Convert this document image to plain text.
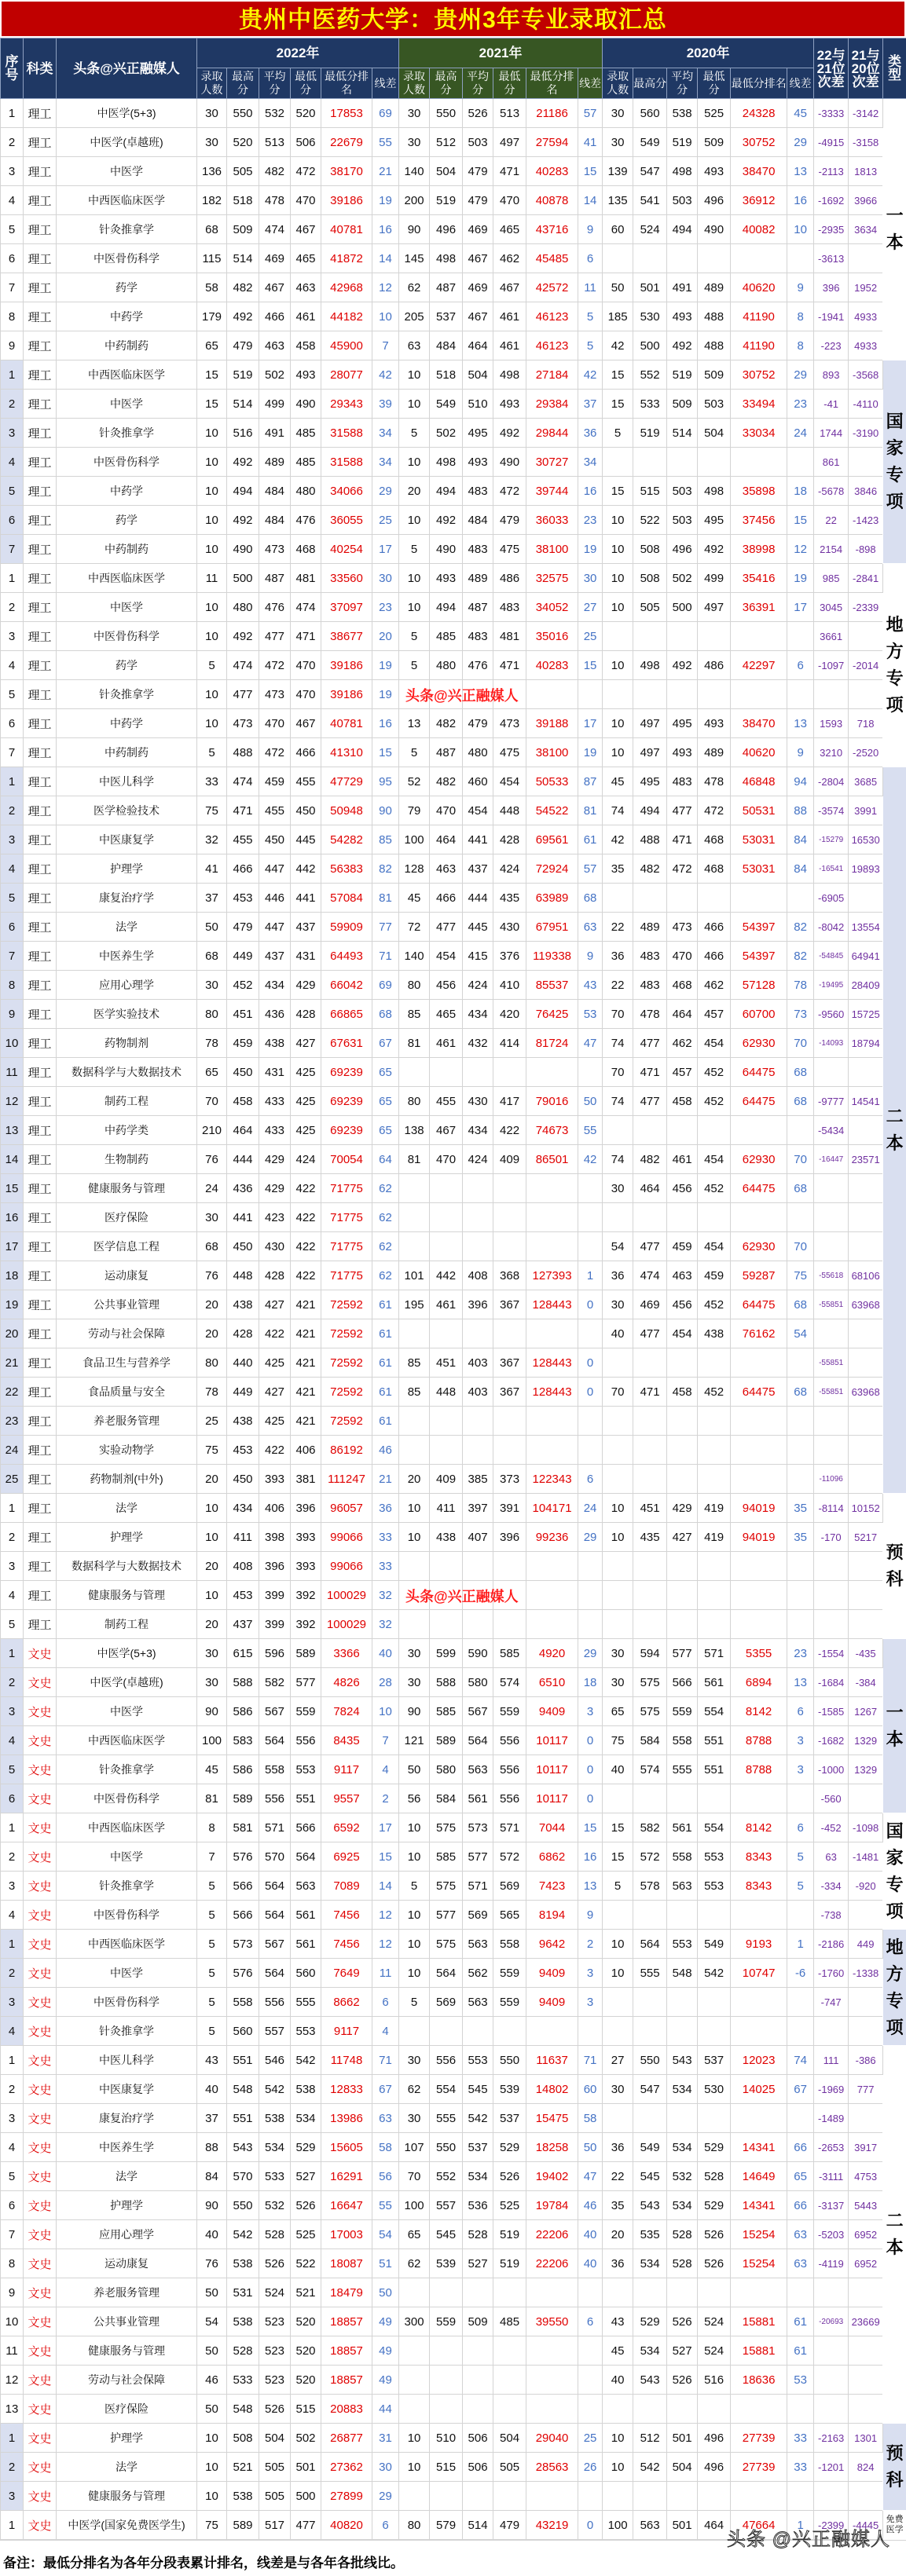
贵州中医药大学：贵州3年专业录取汇总
序号	科类	头条@兴正融媒人	2022年						2021年						2020年						22与21位次差	21与20位次差	类型
			录取人数	最高分	平均分	最低分	最低分排名	线差	录取人数	最高分	平均分	最低分	最低分排名	线差	录取人数	最高分	平均分	最低分	最低分排名	线差			
1	理工	中医学(5+3)	30	550	532	520	17853	69	30	550	526	513	21186	57	30	560	538	525	24328	45	-3333	-3142	一本
2	理工	中医学(卓越班)	30	520	513	506	22679	55	30	512	503	497	27594	41	30	549	519	509	30752	29	-4915	-3158	
3	理工	中医学	136	505	482	472	38170	21	140	504	479	471	40283	15	139	547	498	493	38470	13	-2113	1813	
4	理工	中西医临床医学	182	518	478	470	39186	19	200	519	479	470	40878	14	135	541	503	496	36912	16	-1692	3966	
5	理工	针灸推拿学	68	509	474	467	40781	16	90	496	469	465	43716	9	60	524	494	490	40082	10	-2935	3634	
6	理工	中医骨伤科学	115	514	469	465	41872	14	145	498	467	462	45485	6							-3613		
7	理工	药学	58	482	467	463	42968	12	62	487	469	467	42572	11	50	501	491	489	40620	9	396	1952	
8	理工	中药学	179	492	466	461	44182	10	205	537	467	461	46123	5	185	530	493	488	41190	8	-1941	4933	
9	理工	中药制药	65	479	463	458	45900	7	63	484	464	461	46123	5	42	500	492	488	41190	8	-223	4933	
1	理工	中西医临床医学	15	519	502	493	28077	42	10	518	504	498	27184	42	15	552	519	509	30752	29	893	-3568	国家专项
2	理工	中医学	15	514	499	490	29343	39	10	549	510	493	29384	37	15	533	509	503	33494	23	-41	-4110	
3	理工	针灸推拿学	10	516	491	485	31588	34	5	502	495	492	29844	36	5	519	514	504	33034	24	1744	-3190	
4	理工	中医骨伤科学	10	492	489	485	31588	34	10	498	493	490	30727	34							861		
5	理工	中药学	10	494	484	480	34066	29	20	494	483	472	39744	16	15	515	503	498	35898	18	-5678	3846	
6	理工	药学	10	492	484	476	36055	25	10	492	484	479	36033	23	10	522	503	495	37456	15	22	-1423	
7	理工	中药制药	10	490	473	468	40254	17	5	490	483	475	38100	19	10	508	496	492	38998	12	2154	-898	
1	理工	中西医临床医学	11	500	487	481	33560	30	10	493	489	486	32575	30	10	508	502	499	35416	19	985	-2841	地方专项
2	理工	中医学	10	480	476	474	37097	23	10	494	487	483	34052	27	10	505	500	497	36391	17	3045	-2339	
3	理工	中医骨伤科学	10	492	477	471	38677	20	5	485	483	481	35016	25							3661		
4	理工	药学	5	474	472	470	39186	19	5	480	476	471	40283	15	10	498	492	486	42297	6	-1097	-2014	
5	理工	针灸推拿学	10	477	473	470	39186	19	头条@兴正融媒人														

6	理工	中药学	10	473	470	467	40781	16	13	482	479	473	39188	17	10	497	495	493	38470	13	1593	718	
7	理工	中药制药	5	488	472	466	41310	15	5	487	480	475	38100	19	10	497	493	489	40620	9	3210	-2520	
1	理工	中医儿科学	33	474	459	455	47729	95	52	482	460	454	50533	87	45	495	483	478	46848	94	-2804	3685	二本
2	理工	医学检验技术	75	471	455	450	50948	90	79	470	454	448	54522	81	74	494	477	472	50531	88	-3574	3991	
3	理工	中医康复学	32	455	450	445	54282	85	100	464	441	428	69561	61	42	488	471	468	53031	84	-15279	16530	
4	理工	护理学	41	466	447	442	56383	82	128	463	437	424	72924	57	35	482	472	468	53031	84	-16541	19893	
5	理工	康复治疗学	37	453	446	441	57084	81	45	466	444	435	63989	68							-6905		
6	理工	法学	50	479	447	437	59909	77	72	477	445	430	67951	63	22	489	473	466	54397	82	-8042	13554	
7	理工	中医养生学	68	449	437	431	64493	71	140	454	415	376	119338	9	36	483	470	466	54397	82	-54845	64941	
8	理工	应用心理学	30	452	434	429	66042	69	80	456	424	410	85537	43	22	483	468	462	57128	78	-19495	28409	
9	理工	医学实验技术	80	451	436	428	66865	68	85	465	434	420	76425	53	70	478	464	457	60700	73	-9560	15725	
10	理工	药物制剂	78	459	438	427	67631	67	81	461	432	414	81724	47	74	477	462	454	62930	70	-14093	18794	
11	理工	数据科学与大数据技术	65	450	431	425	69239	65							70	471	457	452	64475	68			
12	理工	制药工程	70	458	433	425	69239	65	80	455	430	417	79016	50	74	477	458	452	64475	68	-9777	14541	
13	理工	中药学类	210	464	433	425	69239	65	138	467	434	422	74673	55							-5434		
14	理工	生物制药	76	444	429	424	70054	64	81	470	424	409	86501	42	74	482	461	454	62930	70	-16447	23571	
15	理工	健康服务与管理	24	436	429	422	71775	62							30	464	456	452	64475	68			
16	理工	医疗保险	30	441	423	422	71775	62															
17	理工	医学信息工程	68	450	430	422	71775	62							54	477	459	454	62930	70			
18	理工	运动康复	76	448	428	422	71775	62	101	442	408	368	127393	1	36	474	463	459	59287	75	-55618	68106	
19	理工	公共事业管理	20	438	427	421	72592	61	195	461	396	367	128443	0	30	469	456	452	64475	68	-55851	63968	
20	理工	劳动与社会保障	20	428	422	421	72592	61							40	477	454	438	76162	54			
21	理工	食品卫生与营养学	80	440	425	421	72592	61	85	451	403	367	128443	0							-55851		
22	理工	食品质量与安全	78	449	427	421	72592	61	85	448	403	367	128443	0	70	471	458	452	64475	68	-55851	63968	
23	理工	养老服务管理	25	438	425	421	72592	61															
24	理工	实验动物学	75	453	422	406	86192	46															
25	理工	药物制剂(中外)	20	450	393	381	111247	21	20	409	385	373	122343	6							-11096		
1	理工	法学	10	434	406	396	96057	36	10	411	397	391	104171	24	10	451	429	419	94019	35	-8114	10152	预科
2	理工	护理学	10	411	398	393	99066	33	10	438	407	396	99236	29	10	435	427	419	94019	35	-170	5217	
3	理工	数据科学与大数据技术	20	408	396	393	99066	33															
4	理工	健康服务与管理	10	453	399	392	100029	32	头条@兴正融媒人														

5	理工	制药工程	20	437	399	392	100029	32															
1	文史	中医学(5+3)	30	615	596	589	3366	40	30	599	590	585	4920	29	30	594	577	571	5355	23	-1554	-435	一本
2	文史	中医学(卓越班)	30	588	582	577	4826	28	30	588	580	574	6510	18	30	575	566	561	6894	13	-1684	-384	
3	文史	中医学	90	586	567	559	7824	10	90	585	567	559	9409	3	65	575	559	554	8142	6	-1585	1267	
4	文史	中西医临床医学	100	583	564	556	8435	7	121	589	564	556	10117	0	75	584	558	551	8788	3	-1682	1329	
5	文史	针灸推拿学	45	586	558	553	9117	4	50	580	563	556	10117	0	40	574	555	551	8788	3	-1000	1329	
6	文史	中医骨伤科学	81	589	556	551	9557	2	56	584	561	556	10117	0							-560		
1	文史	中西医临床医学	8	581	571	566	6592	17	10	575	573	571	7044	15	15	582	561	554	8142	6	-452	-1098	国家专项
2	文史	中医学	7	576	570	564	6925	15	10	585	577	572	6862	16	15	572	558	553	8343	5	63	-1481	
3	文史	针灸推拿学	5	566	564	563	7089	14	5	575	571	569	7423	13	5	578	563	553	8343	5	-334	-920	
4	文史	中医骨伤科学	5	566	564	561	7456	12	10	577	569	565	8194	9							-738		
1	文史	中西医临床医学	5	573	567	561	7456	12	10	575	563	558	9642	2	10	564	553	549	9193	1	-2186	449	地方专项
2	文史	中医学	5	576	564	560	7649	11	10	564	562	559	9409	3	10	555	548	542	10747	-6	-1760	-1338	
3	文史	中医骨伤科学	5	558	556	555	8662	6	5	569	563	559	9409	3							-747		
4	文史	针灸推拿学	5	560	557	553	9117	4															
1	文史	中医儿科学	43	551	546	542	11748	71	30	556	553	550	11637	71	27	550	543	537	12023	74	111	-386	二本
2	文史	中医康复学	40	548	542	538	12833	67	62	554	545	539	14802	60	30	547	534	530	14025	67	-1969	777	
3	文史	康复治疗学	37	551	538	534	13986	63	30	555	542	537	15475	58							-1489		
4	文史	中医养生学	88	543	534	529	15605	58	107	550	537	529	18258	50	36	549	534	529	14341	66	-2653	3917	
5	文史	法学	84	570	533	527	16291	56	70	552	534	526	19402	47	22	545	532	528	14649	65	-3111	4753	
6	文史	护理学	90	550	532	526	16647	55	100	557	536	525	19784	46	35	543	534	529	14341	66	-3137	5443	
7	文史	应用心理学	40	542	528	525	17003	54	65	545	528	519	22206	40	20	535	528	526	15254	63	-5203	6952	
8	文史	运动康复	76	538	526	522	18087	51	62	539	527	519	22206	40	36	534	528	526	15254	63	-4119	6952	
9	文史	养老服务管理	50	531	524	521	18479	50															
10	文史	公共事业管理	54	538	523	520	18857	49	300	559	509	485	39550	6	43	529	526	524	15881	61	-20693	23669	
11	文史	健康服务与管理	50	528	523	520	18857	49							45	534	527	524	15881	61			
12	文史	劳动与社会保障	46	533	523	520	18857	49							40	543	526	516	18636	53			
13	文史	医疗保险	50	548	526	515	20883	44															
1	文史	护理学	10	508	504	502	26877	31	10	510	506	504	29040	25	10	512	501	496	27739	33	-2163	1301	预科
2	文史	法学	10	521	505	501	27362	30	10	515	506	505	28563	26	10	542	504	496	27739	33	-1201	824	
3	文史	健康服务与管理	10	538	505	500	27899	29															
1	文史	中医学(国家免费医学生)	75	589	517	477	40820	6	80	579	514	479	43219	0	100	563	501	464	47664	1	-2399	-4445	免费医学
备注：最低分排名为各年分段表累计排名，线差是与各年各批线比。
头条 @兴正融媒人
